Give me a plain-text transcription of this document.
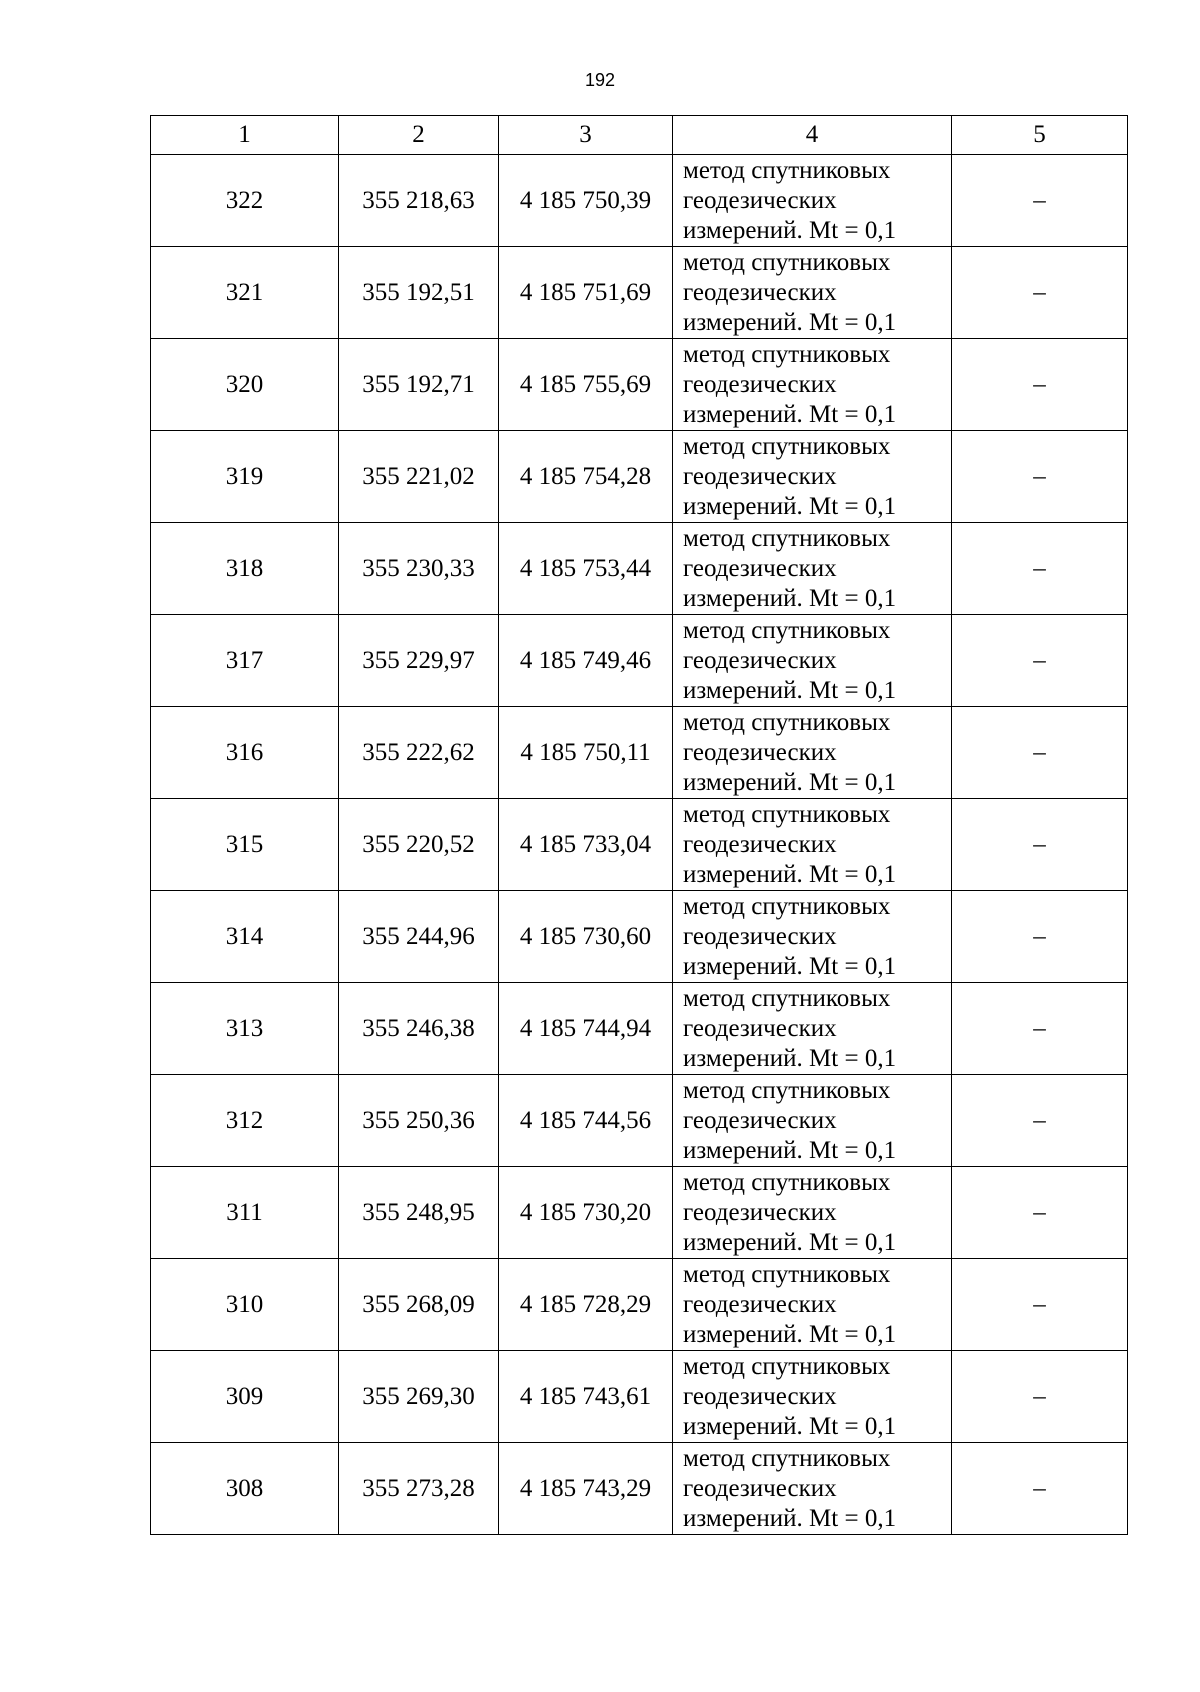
192
1	2	3	4	5
322	355 218,63	4 185 750,39	метод спутниковых
геодезических
измерений. Mt = 0,1	–
321	355 192,51	4 185 751,69	метод спутниковых
геодезических
измерений. Mt = 0,1	–
320	355 192,71	4 185 755,69	метод спутниковых
геодезических
измерений. Mt = 0,1	–
319	355 221,02	4 185 754,28	метод спутниковых
геодезических
измерений. Mt = 0,1	–
318	355 230,33	4 185 753,44	метод спутниковых
геодезических
измерений. Mt = 0,1	–
317	355 229,97	4 185 749,46	метод спутниковых
геодезических
измерений. Mt = 0,1	–
316	355 222,62	4 185 750,11	метод спутниковых
геодезических
измерений. Mt = 0,1	–
315	355 220,52	4 185 733,04	метод спутниковых
геодезических
измерений. Mt = 0,1	–
314	355 244,96	4 185 730,60	метод спутниковых
геодезических
измерений. Mt = 0,1	–
313	355 246,38	4 185 744,94	метод спутниковых
геодезических
измерений. Mt = 0,1	–
312	355 250,36	4 185 744,56	метод спутниковых
геодезических
измерений. Mt = 0,1	–
311	355 248,95	4 185 730,20	метод спутниковых
геодезических
измерений. Mt = 0,1	–
310	355 268,09	4 185 728,29	метод спутниковых
геодезических
измерений. Mt = 0,1	–
309	355 269,30	4 185 743,61	метод спутниковых
геодезических
измерений. Mt = 0,1	–
308	355 273,28	4 185 743,29	метод спутниковых
геодезических
измерений. Mt = 0,1	–
